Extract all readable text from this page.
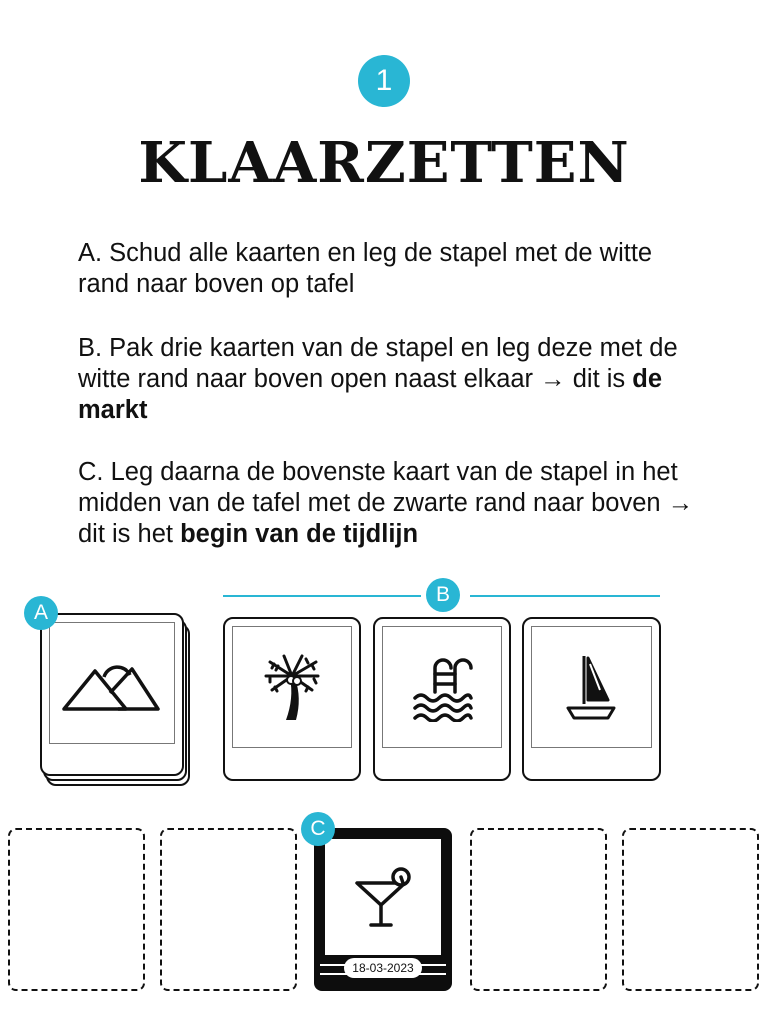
1
KLAARZETTEN

A. Schud alle kaarten en leg de stapel met de witte rand naar boven op tafel

B. Pak drie kaarten van de stapel en leg deze met de witte rand naar boven open naast elkaar → dit is de markt

C. Leg daarna de bovenste kaart van de stapel in het midden van de tafel met de zwarte rand naar boven → dit is het begin van de tijdlijn

A
B
18-03-2023
C
